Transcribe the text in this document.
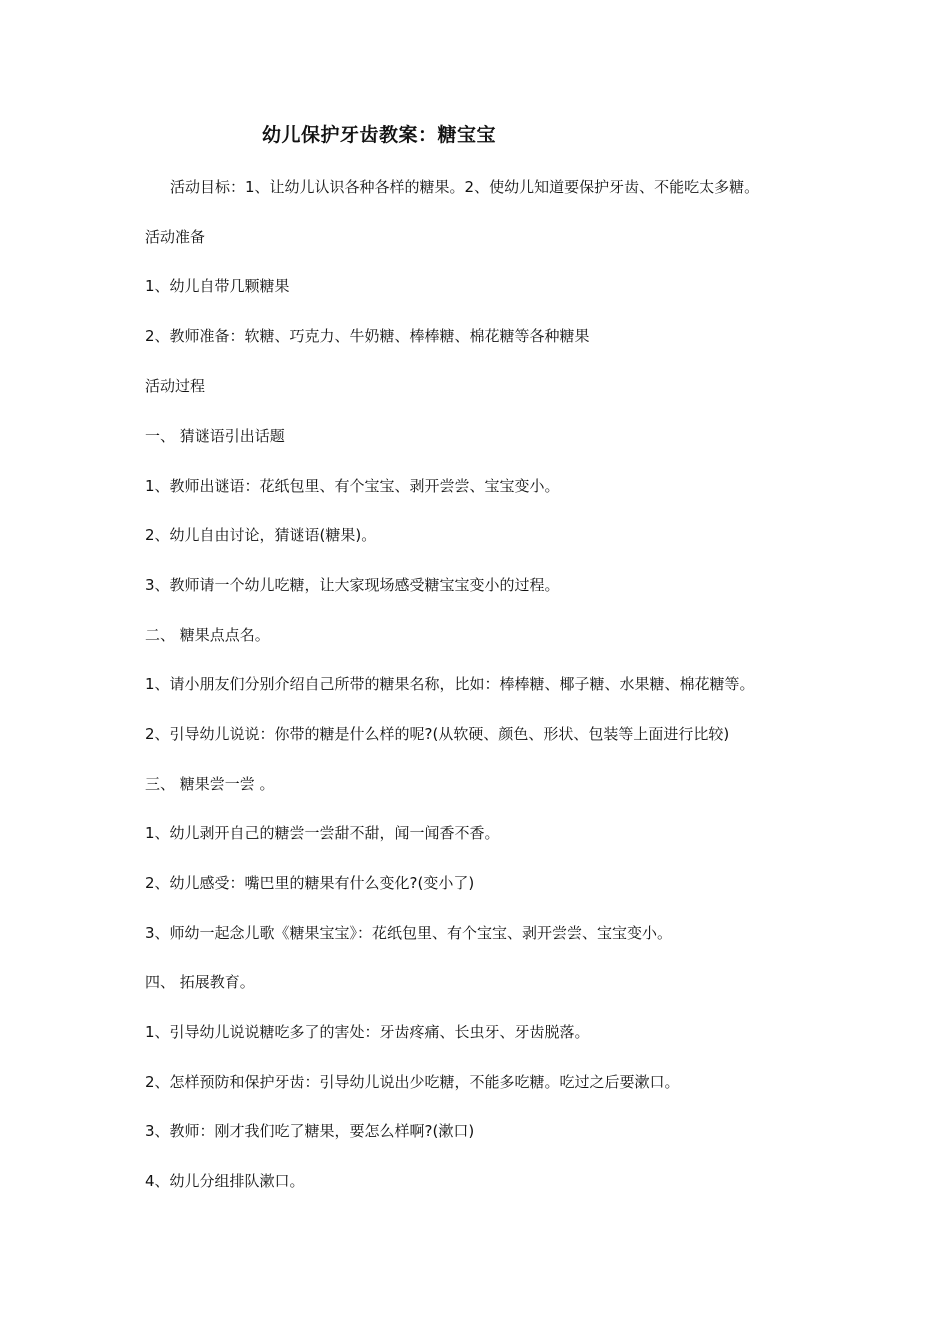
幼儿保护牙齿教案：糖宝宝
活动目标：1、让幼儿认识各种各样的糖果。2、使幼儿知道要保护牙齿、不能吃太多糖。
活动准备
1、幼儿自带几颗糖果
2、教师准备：软糖、巧克力、牛奶糖、棒棒糖、棉花糖等各种糖果
活动过程
一、 猜谜语引出话题
1、教师出谜语：花纸包里、有个宝宝、剥开尝尝、宝宝变小。
2、幼儿自由讨论，猜谜语(糖果)。
3、教师请一个幼儿吃糖，让大家现场感受糖宝宝变小的过程。
二、 糖果点点名。
1、请小朋友们分别介绍自己所带的糖果名称，比如：棒棒糖、椰子糖、水果糖、棉花糖等。
2、引导幼儿说说：你带的糖是什么样的呢?(从软硬、颜色、形状、包装等上面进行比较)
三、 糖果尝一尝 。
1、幼儿剥开自己的糖尝一尝甜不甜，闻一闻香不香。
2、幼儿感受：嘴巴里的糖果有什么变化?(变小了)
3、师幼一起念儿歌《糖果宝宝》：花纸包里、有个宝宝、剥开尝尝、宝宝变小。
四、 拓展教育。
1、引导幼儿说说糖吃多了的害处：牙齿疼痛、长虫牙、牙齿脱落。
2、怎样预防和保护牙齿：引导幼儿说出少吃糖，不能多吃糖。吃过之后要漱口。
3、教师：刚才我们吃了糖果，要怎么样啊?(漱口)
4、幼儿分组排队漱口。
